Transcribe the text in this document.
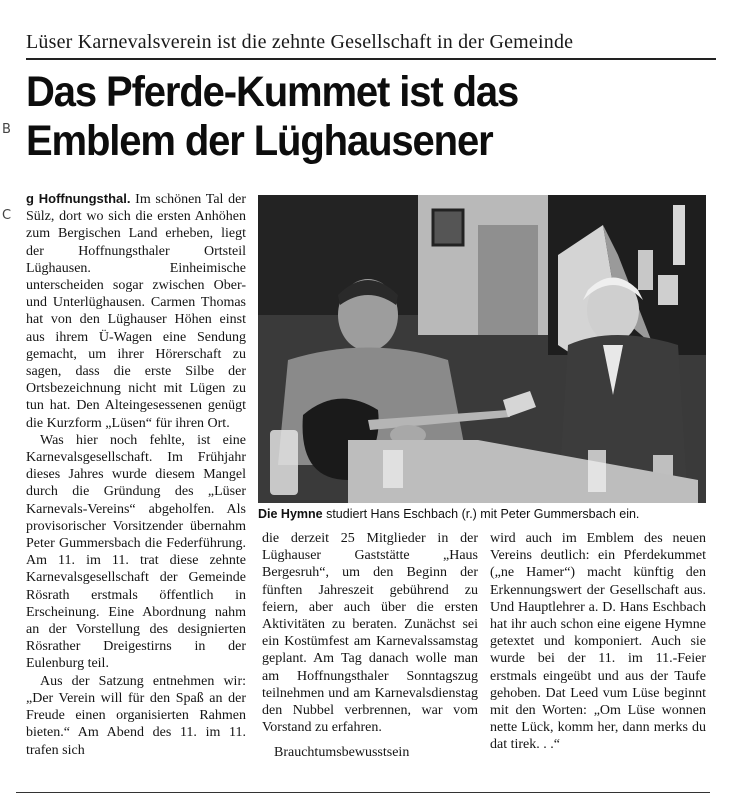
B
C
Lüser Karnevalsverein ist die zehnte Gesellschaft in der Gemeinde
Das Pferde-Kummet ist das
Emblem der Lüghausener

g Hoffnungsthal. Im schönen Tal der Sülz, dort wo sich die ersten Anhöhen zum Bergischen Land erheben, liegt der Hoffnungsthaler Ortsteil Lüghausen. Einheimische unterscheiden sogar zwischen Ober- und Unterlüghausen. Carmen Thomas hat von den Lüghauser Höhen einst aus ihrem Ü-Wagen eine Sendung gemacht, um ihrer Hörerschaft zu sagen, dass die erste Silbe der Ortsbezeichnung nicht mit Lügen zu tun hat. Den Alteingesessenen genügt die Kurzform „Lüsen“ für ihren Ort.

Was hier noch fehlte, ist eine Karnevalsgesellschaft. Im Frühjahr dieses Jahres wurde diesem Mangel durch die Gründung des „Lüser Karnevals-Vereins“ abgeholfen. Als provisorischer Vorsitzender übernahm Peter Gummersbach die Federführung. Am 11. im 11. trat diese zehnte Karnevalsgesellschaft der Gemeinde Rösrath erstmals öffentlich in Erscheinung. Eine Abordnung nahm an der Vorstellung des designierten Rösrather Dreigestirns in der Eulenburg teil.

Aus der Satzung entnehmen wir: „Der Verein will für den Spaß an der Freude einen organisierten Rahmen bieten.“ Am Abend des 11. im 11. trafen sich

Die Hymne studiert Hans Eschbach (r.) mit Peter Gummersbach ein.

die derzeit 25 Mitglieder in der Lüghauser Gaststätte „Haus Bergesruh“, um den Beginn der fünften Jahreszeit gebührend zu feiern, aber auch über die ersten Aktivitäten zu beraten. Zunächst sei ein Kostümfest am Karnevalssamstag geplant. Am Tag danach wolle man am Hoffnungsthaler Sonntagszug teilnehmen und am Karnevalsdienstag den Nubbel verbrennen, war vom Vorstand zu erfahren.

Brauchtumsbewusstsein

wird auch im Emblem des neuen Vereins deutlich: ein Pferdekummet („ne Hamer“) macht künftig den Erkennungswert der Gesellschaft aus. Und Hauptlehrer a. D. Hans Eschbach hat ihr auch schon eine eigene Hymne getextet und komponiert. Auch sie wurde bei der 11. im 11.-Feier erstmals eingeübt und aus der Taufe gehoben. Dat Leed vum Lüse beginnt mit den Worten: „Om Lüse wonnen nette Lück, komm her, dann merks du dat tirek. . .“
